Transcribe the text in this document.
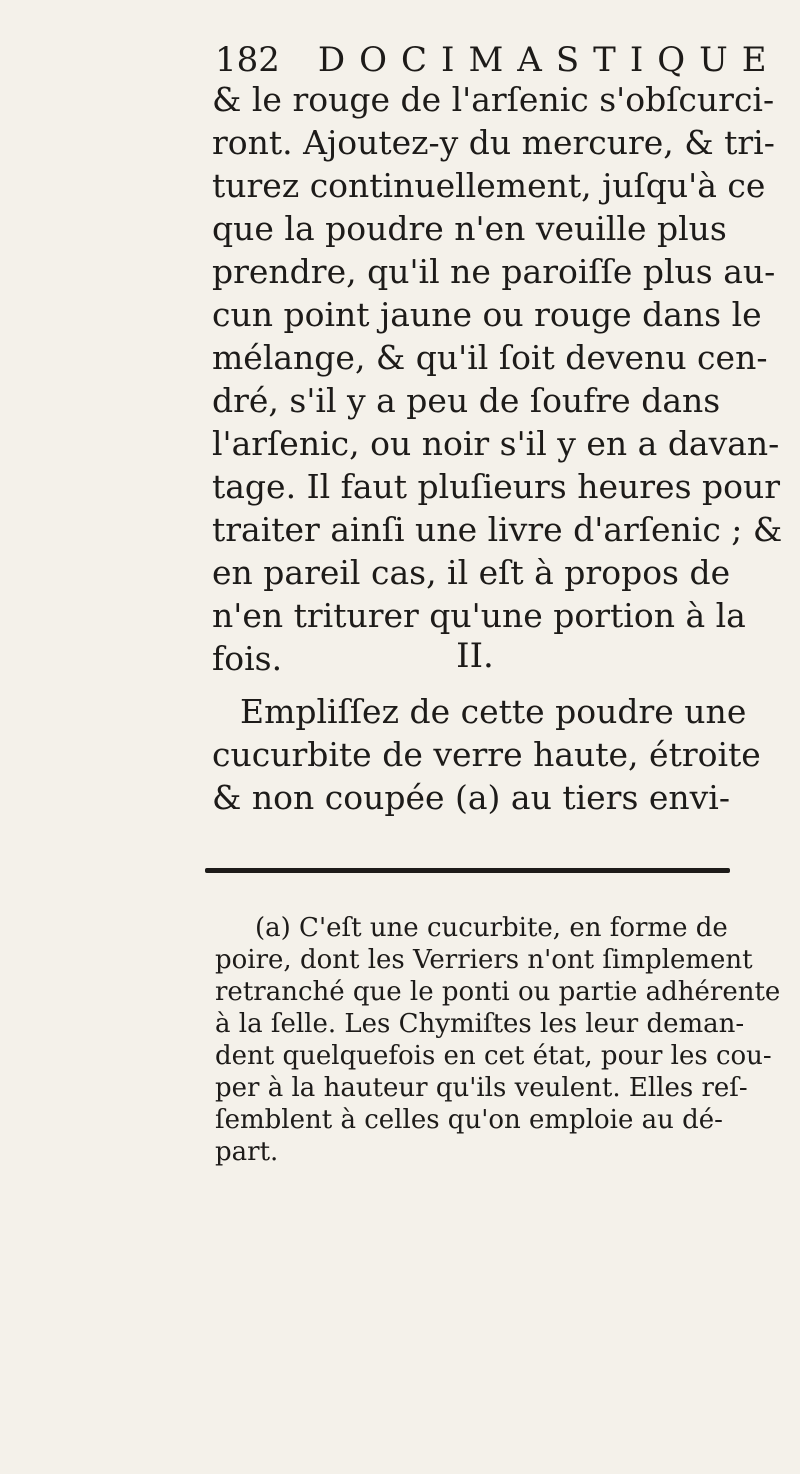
182 DOCIMASTIQUE

& le rouge de l'arſenic s'obſcurci-
ront. Ajoutez-y du mercure, & tri-
turez continuellement, juſqu'à ce
que la poudre n'en veuille plus
prendre, qu'il ne paroiſſe plus au-
cun point jaune ou rouge dans le
mélange, & qu'il ſoit devenu cen-
dré, s'il y a peu de ſoufre dans
l'arſenic, ou noir s'il y en a davan-
tage. Il faut pluſieurs heures pour
traiter ainſi une livre d'arſenic ; &
en pareil cas, il eſt à propos de
n'en triturer qu'une portion à la
fois.	II.

Empliſſez de cette poudre une
cucurbite de verre haute, étroite
& non coupée (a) au tiers envi-

(a) C'eſt une cucurbite, en forme de
poire, dont les Verriers n'ont ſimplement
retranché que le ponti ou partie adhérente
à la ſelle. Les Chymiſtes les leur deman-
dent quelquefois en cet état, pour les cou-
per à la hauteur qu'ils veulent. Elles reſ-
ſemblent à celles qu'on emploie au dé-
part.
